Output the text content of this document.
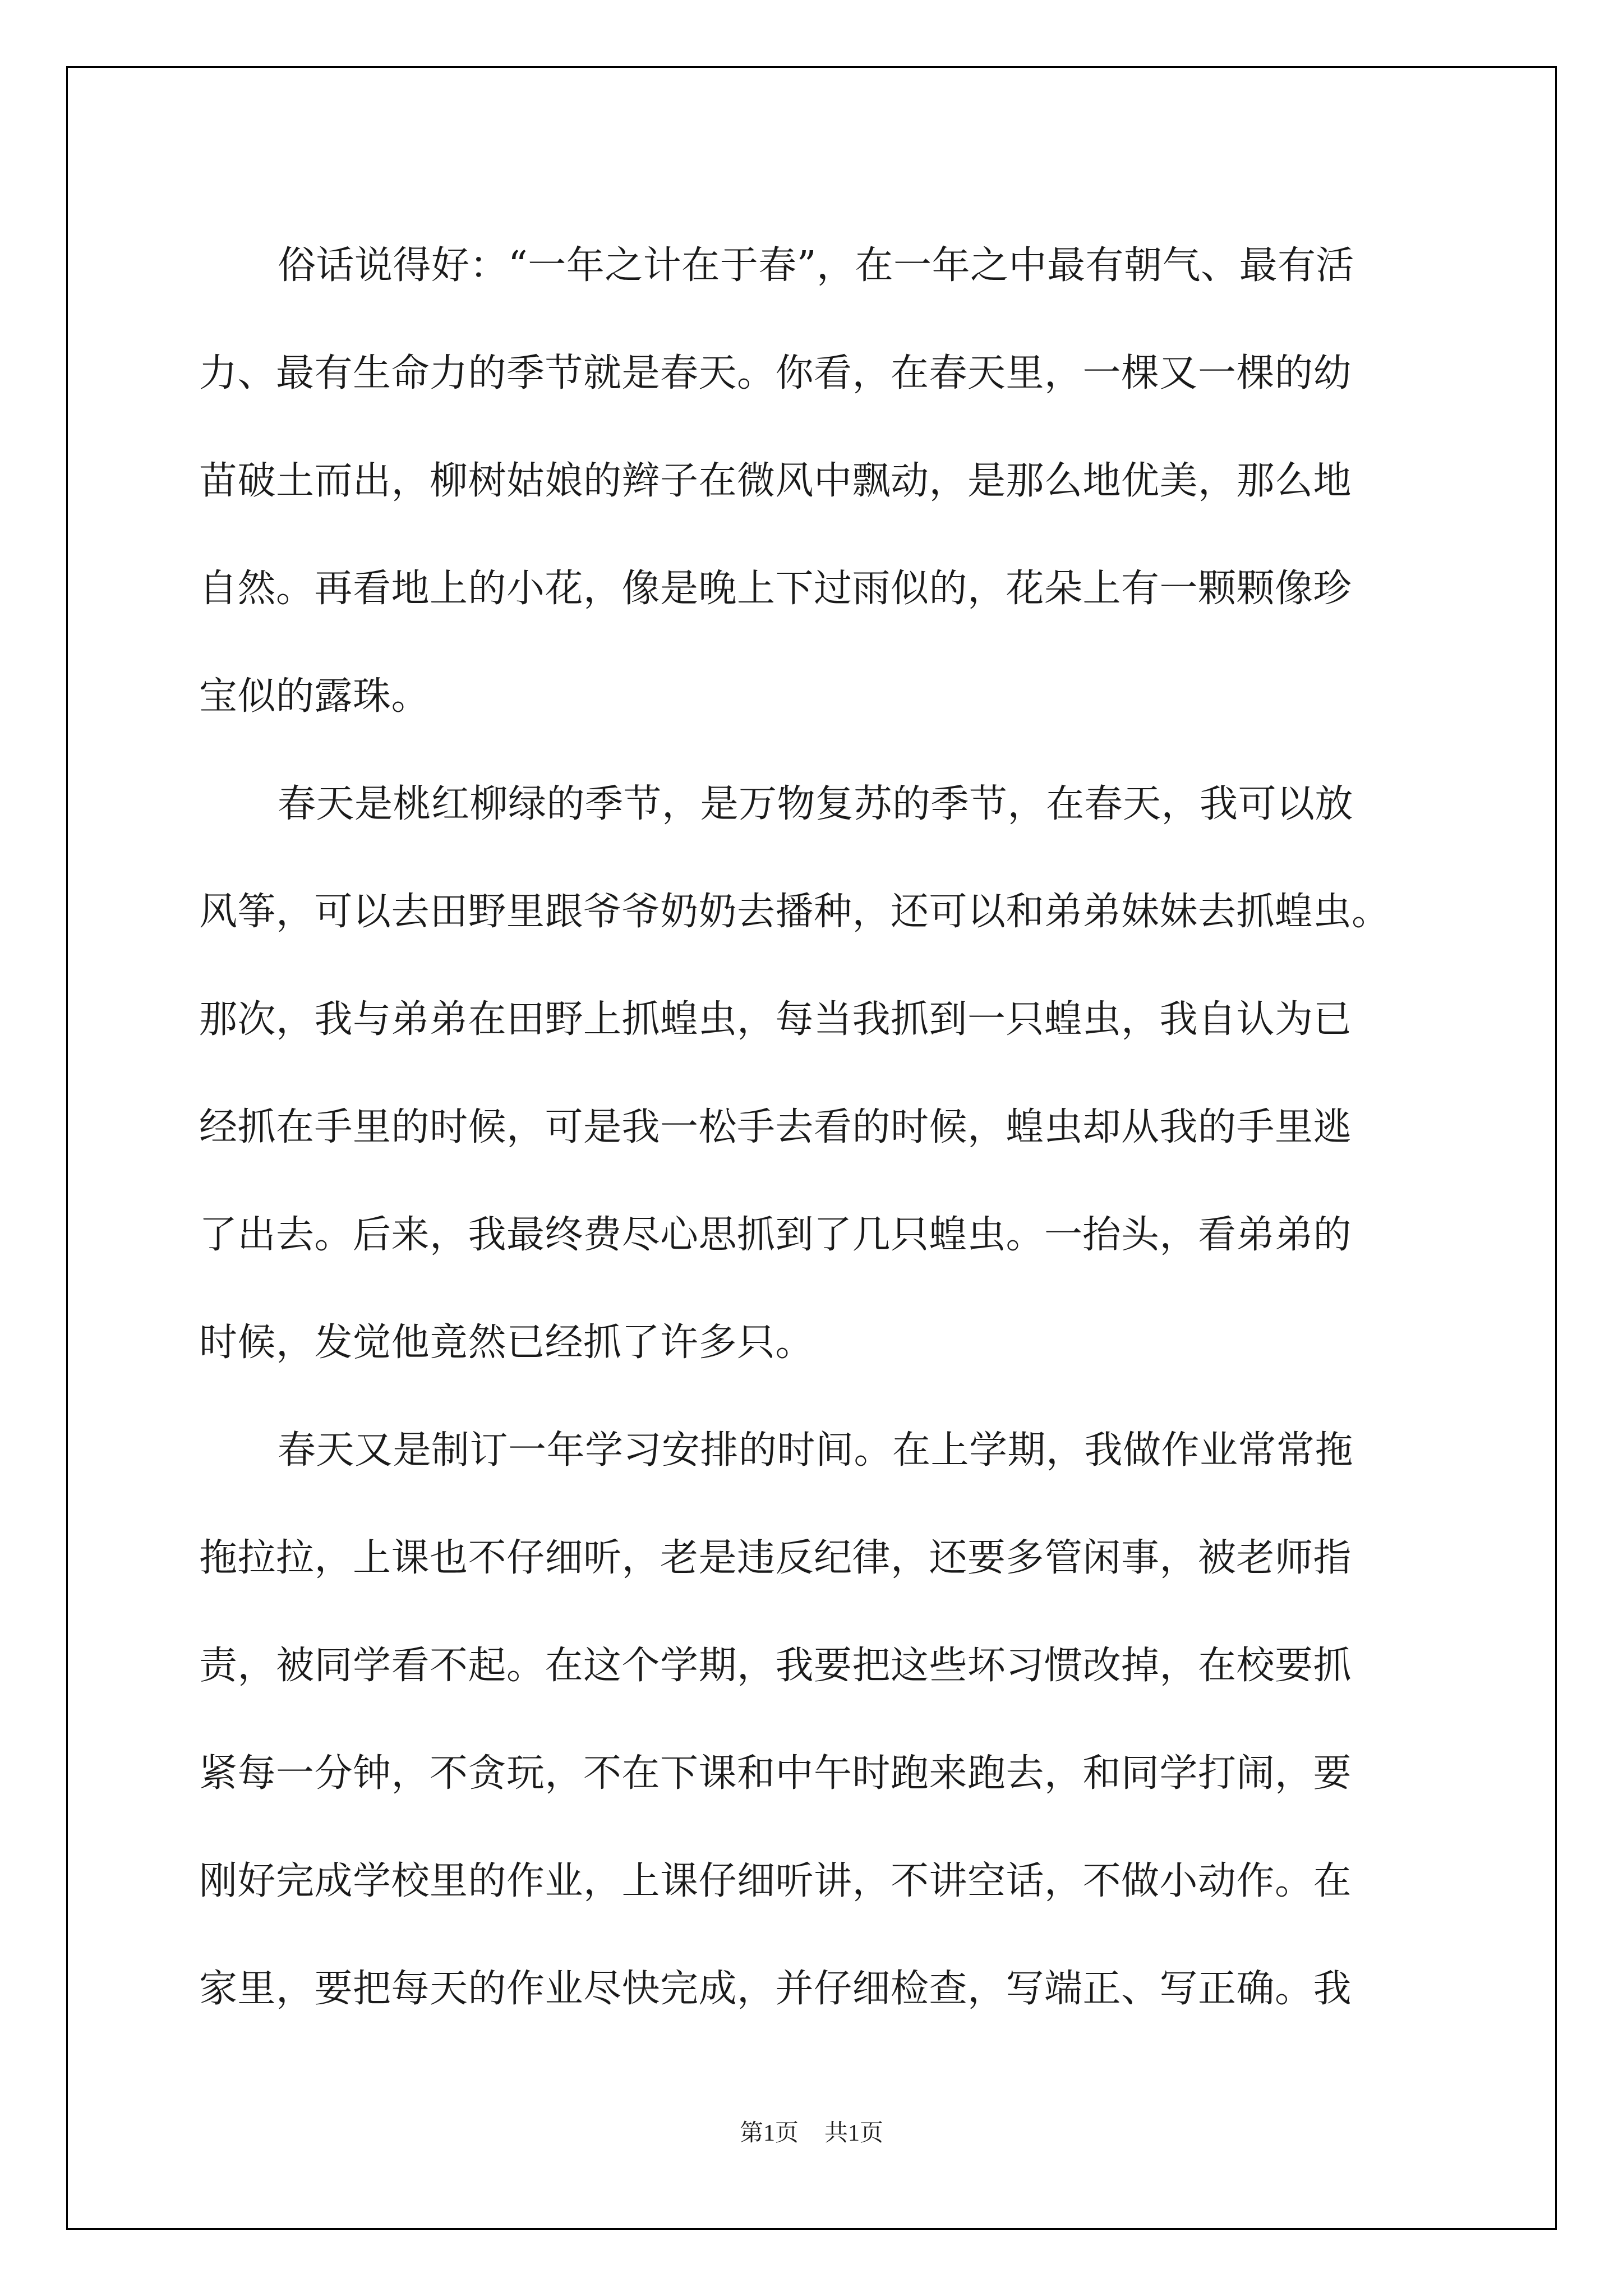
俗话说得好：“一年之计在于春”，在一年之中最有朝气、最有活
力、最有生命力的季节就是春天。你看，在春天里，一棵又一棵的幼
苗破土而出，柳树姑娘的辫子在微风中飘动，是那么地优美，那么地
自然。再看地上的小花，像是晚上下过雨似的，花朵上有一颗颗像珍
宝似的露珠。
春天是桃红柳绿的季节，是万物复苏的季节，在春天，我可以放
风筝，可以去田野里跟爷爷奶奶去播种，还可以和弟弟妹妹去抓蝗虫。
那次，我与弟弟在田野上抓蝗虫，每当我抓到一只蝗虫，我自认为已
经抓在手里的时候，可是我一松手去看的时候，蝗虫却从我的手里逃
了出去。后来，我最终费尽心思抓到了几只蝗虫。一抬头，看弟弟的
时候，发觉他竟然已经抓了许多只。
春天又是制订一年学习安排的时间。在上学期，我做作业常常拖
拖拉拉，上课也不仔细听，老是违反纪律，还要多管闲事，被老师指
责，被同学看不起。在这个学期，我要把这些坏习惯改掉，在校要抓
紧每一分钟，不贪玩，不在下课和中午时跑来跑去，和同学打闹，要
刚好完成学校里的作业，上课仔细听讲，不讲空话，不做小动作。在
家里，要把每天的作业尽快完成，并仔细检查，写端正、写正确。我
第1页 共1页
